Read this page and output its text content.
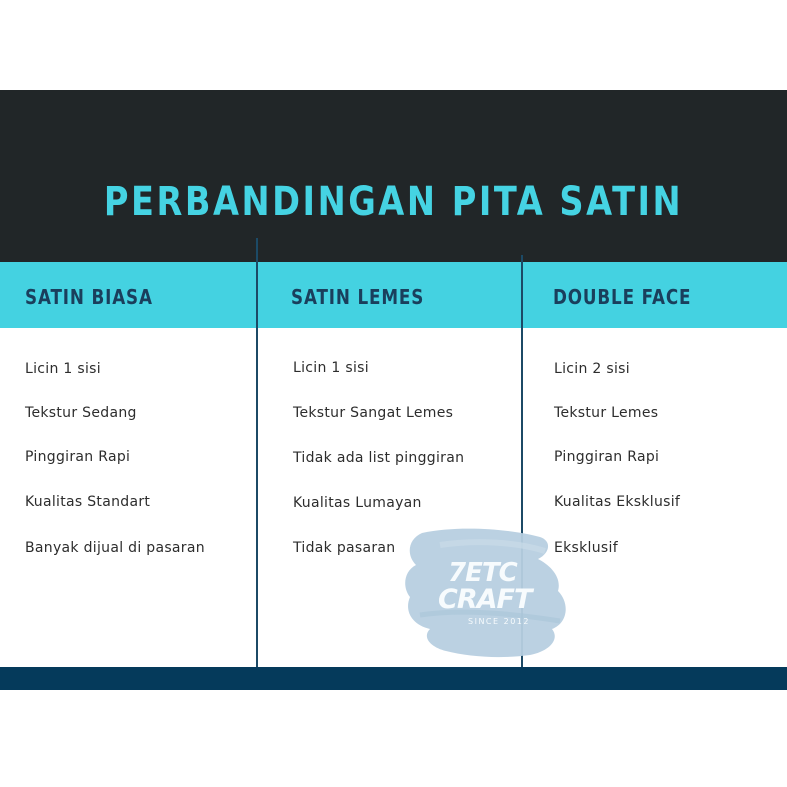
PERBANDINGAN PITA SATIN
SATIN BIASA	SATIN LEMES	DOUBLE FACE
Licin 1 sisi
Tekstur Sedang
Pinggiran Rapi
Kualitas Standart
Banyak dijual di pasaran
Licin 1 sisi
Tekstur Sangat Lemes
Tidak ada list pinggiran
Kualitas Lumayan
Tidak pasaran
Licin 2 sisi
Tekstur Lemes
Pinggiran Rapi
Kualitas Eksklusif
Eksklusif
7ETC
CRAFT
SINCE 2012
